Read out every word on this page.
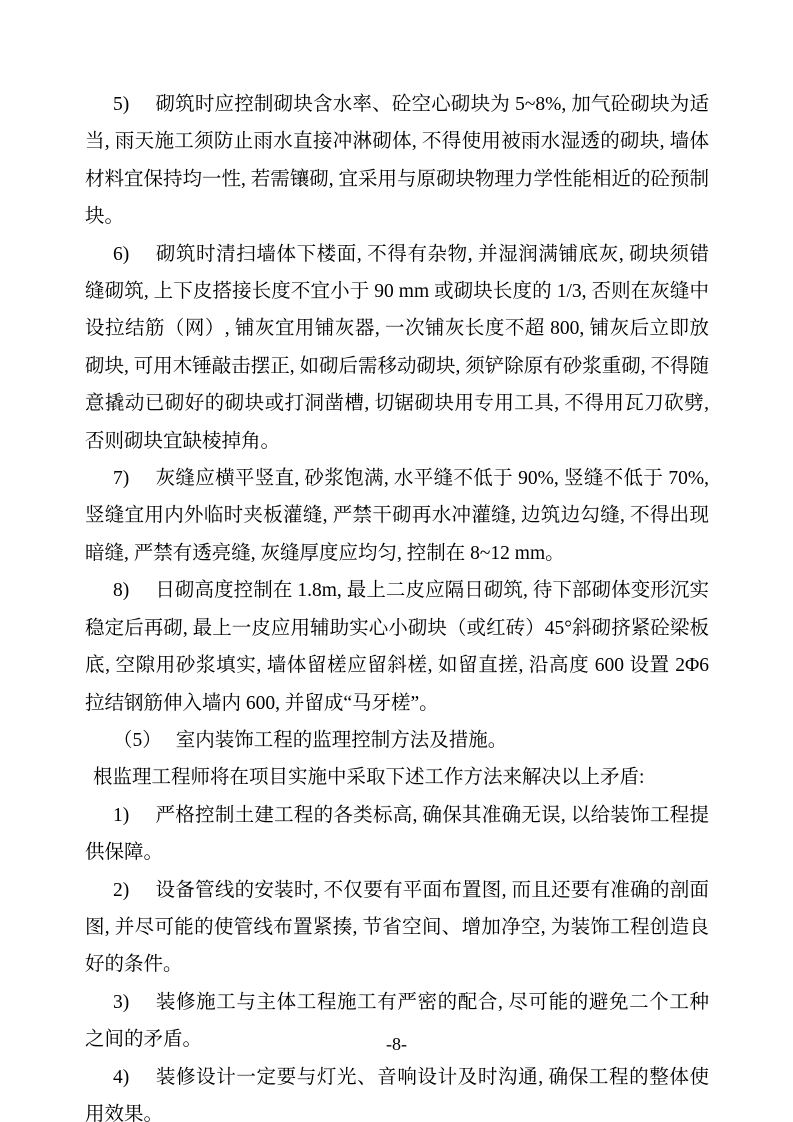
5) 砌筑时应控制砌块含水率、砼空心砌块为 5~8%, 加气砼砌块为适当, 雨天施工须防止雨水直接冲淋砌体, 不得使用被雨水湿透的砌块, 墙体材料宜保持均一性, 若需镶砌, 宜采用与原砌块物理力学性能相近的砼预制块。

6) 砌筑时清扫墙体下楼面, 不得有杂物, 并湿润满铺底灰, 砌块须错缝砌筑, 上下皮搭接长度不宜小于 90 mm 或砌块长度的 1/3, 否则在灰缝中设拉结筋（网）, 铺灰宜用铺灰器, 一次铺灰长度不超 800, 铺灰后立即放砌块, 可用木锤敲击摆正, 如砌后需移动砌块, 须铲除原有砂浆重砌, 不得随意撬动已砌好的砌块或打洞凿槽, 切锯砌块用专用工具, 不得用瓦刀砍劈, 否则砌块宜缺棱掉角。

7) 灰缝应横平竖直, 砂浆饱满, 水平缝不低于 90%, 竖缝不低于 70%, 竖缝宜用内外临时夹板灌缝, 严禁干砌再水冲灌缝, 边筑边勾缝, 不得出现暗缝, 严禁有透亮缝, 灰缝厚度应均匀, 控制在 8~12 mm。

8) 日砌高度控制在 1.8m, 最上二皮应隔日砌筑, 待下部砌体变形沉实稳定后再砌, 最上一皮应用辅助实心小砌块（或红砖）45°斜砌挤紧砼梁板底, 空隙用砂浆填实, 墙体留槎应留斜槎, 如留直搓, 沿高度 600 设置 2Φ6 拉结钢筋伸入墙内 600, 并留成“马牙槎”。

（5） 室内装饰工程的监理控制方法及措施。

根监理工程师将在项目实施中采取下述工作方法来解决以上矛盾:

1) 严格控制土建工程的各类标高, 确保其准确无误, 以给装饰工程提供保障。

2) 设备管线的安装时, 不仅要有平面布置图, 而且还要有准确的剖面图, 并尽可能的使管线布置紧揍, 节省空间、增加净空, 为装饰工程创造良好的条件。

3) 装修施工与主体工程施工有严密的配合, 尽可能的避免二个工种之间的矛盾。

4) 装修设计一定要与灯光、音响设计及时沟通, 确保工程的整体使用效果。

-8-
